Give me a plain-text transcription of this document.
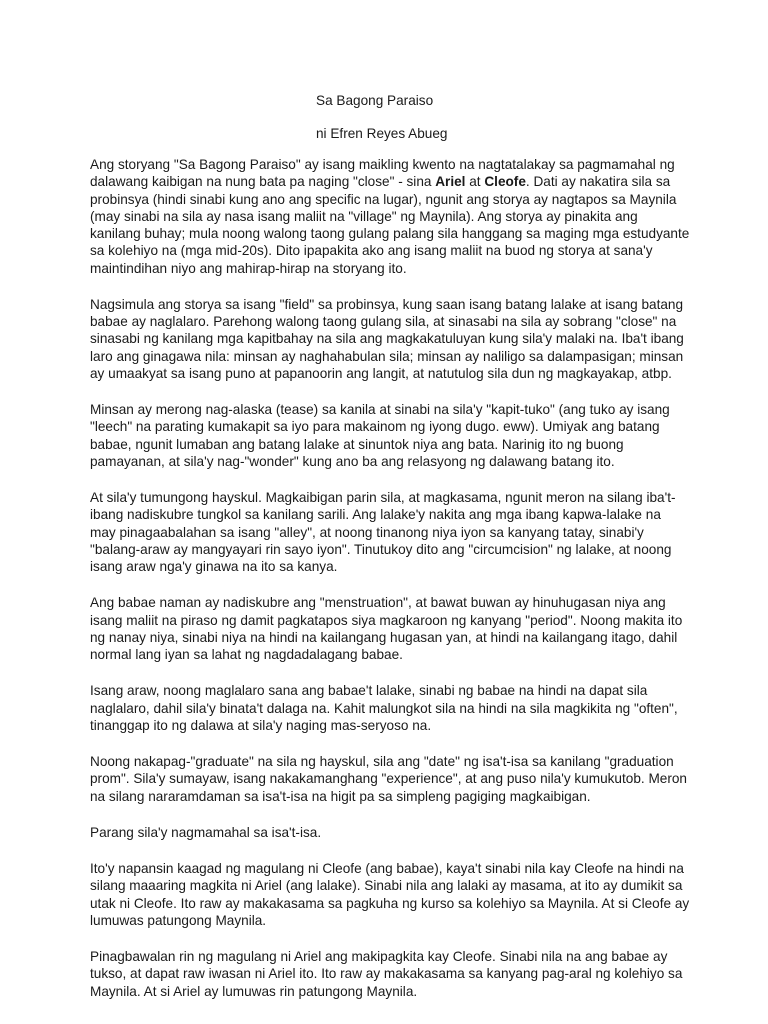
Sa Bagong Paraiso

ni Efren Reyes Abueg

Ang storyang "Sa Bagong Paraiso" ay isang maikling kwento na nagtatalakay sa pagmamahal ng dalawang kaibigan na nung bata pa naging "close" - sina Ariel at Cleofe. Dati ay nakatira sila sa probinsya (hindi sinabi kung ano ang specific na lugar), ngunit ang storya ay nagtapos sa Maynila (may sinabi na sila ay nasa isang maliit na "village" ng Maynila). Ang storya ay pinakita ang kanilang buhay; mula noong walong taong gulang palang sila hanggang sa maging mga estudyante sa kolehiyo na (mga mid-20s). Dito ipapakita ako ang isang maliit na buod ng storya at sana'y maintindihan niyo ang mahirap-hirap na storyang ito.

Nagsimula ang storya sa isang "field" sa probinsya, kung saan isang batang lalake at isang batang babae ay naglalaro. Parehong walong taong gulang sila, at sinasabi na sila ay sobrang "close" na sinasabi ng kanilang mga kapitbahay na sila ang magkakatuluyan kung sila'y malaki na. Iba't ibang laro ang ginagawa nila: minsan ay naghahabulan sila; minsan ay naliligo sa dalampasigan; minsan ay umaakyat sa isang puno at papanoorin ang langit, at natutulog sila dun ng magkayakap, atbp.

Minsan ay merong nag-alaska (tease) sa kanila at sinabi na sila'y "kapit-tuko" (ang tuko ay isang "leech" na parating kumakapit sa iyo para makainom ng iyong dugo. eww). Umiyak ang batang babae, ngunit lumaban ang batang lalake at sinuntok niya ang bata. Narinig ito ng buong pamayanan, at sila'y nag-"wonder" kung ano ba ang relasyong ng dalawang batang ito.

At sila'y tumungong hayskul. Magkaibigan parin sila, at magkasama, ngunit meron na silang iba't-ibang nadiskubre tungkol sa kanilang sarili. Ang lalake'y nakita ang mga ibang kapwa-lalake na may pinagaabalahan sa isang "alley", at noong tinanong niya iyon sa kanyang tatay, sinabi'y "balang-araw ay mangyayari rin sayo iyon". Tinutukoy dito ang "circumcision" ng lalake, at noong isang araw nga'y ginawa na ito sa kanya.

Ang babae naman ay nadiskubre ang "menstruation", at bawat buwan ay hinuhugasan niya ang isang maliit na piraso ng damit pagkatapos siya magkaroon ng kanyang "period". Noong makita ito ng nanay niya, sinabi niya na hindi na kailangang hugasan yan, at hindi na kailangang itago, dahil normal lang iyan sa lahat ng nagdadalagang babae.

Isang araw, noong maglalaro sana ang babae't lalake, sinabi ng babae na hindi na dapat sila naglalaro, dahil sila'y binata't dalaga na. Kahit malungkot sila na hindi na sila magkikita ng "often", tinanggap ito ng dalawa at sila'y naging mas-seryoso na.

Noong nakapag-"graduate" na sila ng hayskul, sila ang "date" ng isa't-isa sa kanilang "graduation prom". Sila'y sumayaw, isang nakakamanghang "experience", at ang puso nila'y kumukutob. Meron na silang nararamdaman sa isa't-isa na higit pa sa simpleng pagiging magkaibigan.

Parang sila'y nagmamahal sa isa't-isa.

Ito'y napansin kaagad ng magulang ni Cleofe (ang babae), kaya't sinabi nila kay Cleofe na hindi na silang maaaring magkita ni Ariel (ang lalake). Sinabi nila ang lalaki ay masama, at ito ay dumikit sa utak ni Cleofe. Ito raw ay makakasama sa pagkuha ng kurso sa kolehiyo sa Maynila. At si Cleofe ay lumuwas patungong Maynila.

Pinagbawalan rin ng magulang ni Ariel ang makipagkita kay Cleofe. Sinabi nila na ang babae ay tukso, at dapat raw iwasan ni Ariel ito. Ito raw ay makakasama sa kanyang pag-aral ng kolehiyo sa Maynila. At si Ariel ay lumuwas rin patungong Maynila.
